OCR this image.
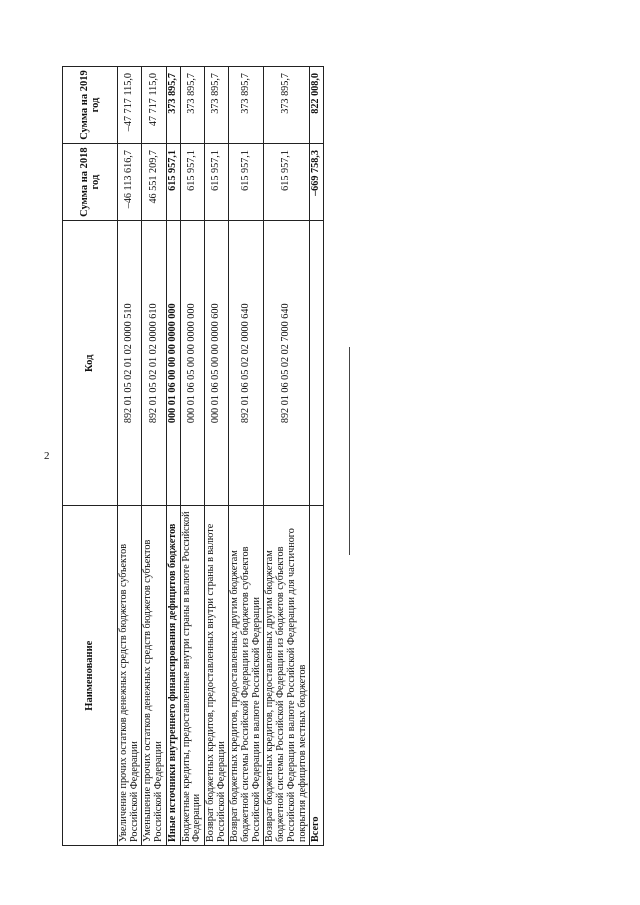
2
Наименование	Код	Сумма на 2018 год	Сумма на 2019 год
Увеличение прочих остатков денежных средств бюджетов субъектов Российской Федерации	892 01 05 02 01 02 0000 510	–46 113 616,7	–47 717 115,0
Уменьшение прочих остатков денежных средств бюджетов субъектов Российской Федерации	892 01 05 02 01 02 0000 610	46 551 209,7	47 717 115,0
Иные источники внутреннего финансирования дефицитов бюджетов	000 01 06 00 00 00 0000 000	615 957,1	373 895,7
Бюджетные кредиты, предоставленные внутри страны в валюте Российской Федерации	000 01 06 05 00 00 0000 000	615 957,1	373 895,7
Возврат бюджетных кредитов, предоставленных внутри страны в валюте Российской Федерации	000 01 06 05 00 00 0000 600	615 957,1	373 895,7
Возврат бюджетных кредитов, предоставленных другим бюджетам бюджетной системы Российской Федерации из бюджетов субъектов Российской Федерации в валюте Российской Федерации	892 01 06 05 02 02 0000 640	615 957,1	373 895,7
Возврат бюджетных кредитов, предоставленных другим бюджетам бюджетной системы Российской Федерации из бюджетов субъектов Российской Федерации в валюте Российской Федерации для частичного покрытия дефицитов местных бюджетов	892 01 06 05 02 02 7000 640	615 957,1	373 895,7
Всего		–669 758,3	822 008,0
